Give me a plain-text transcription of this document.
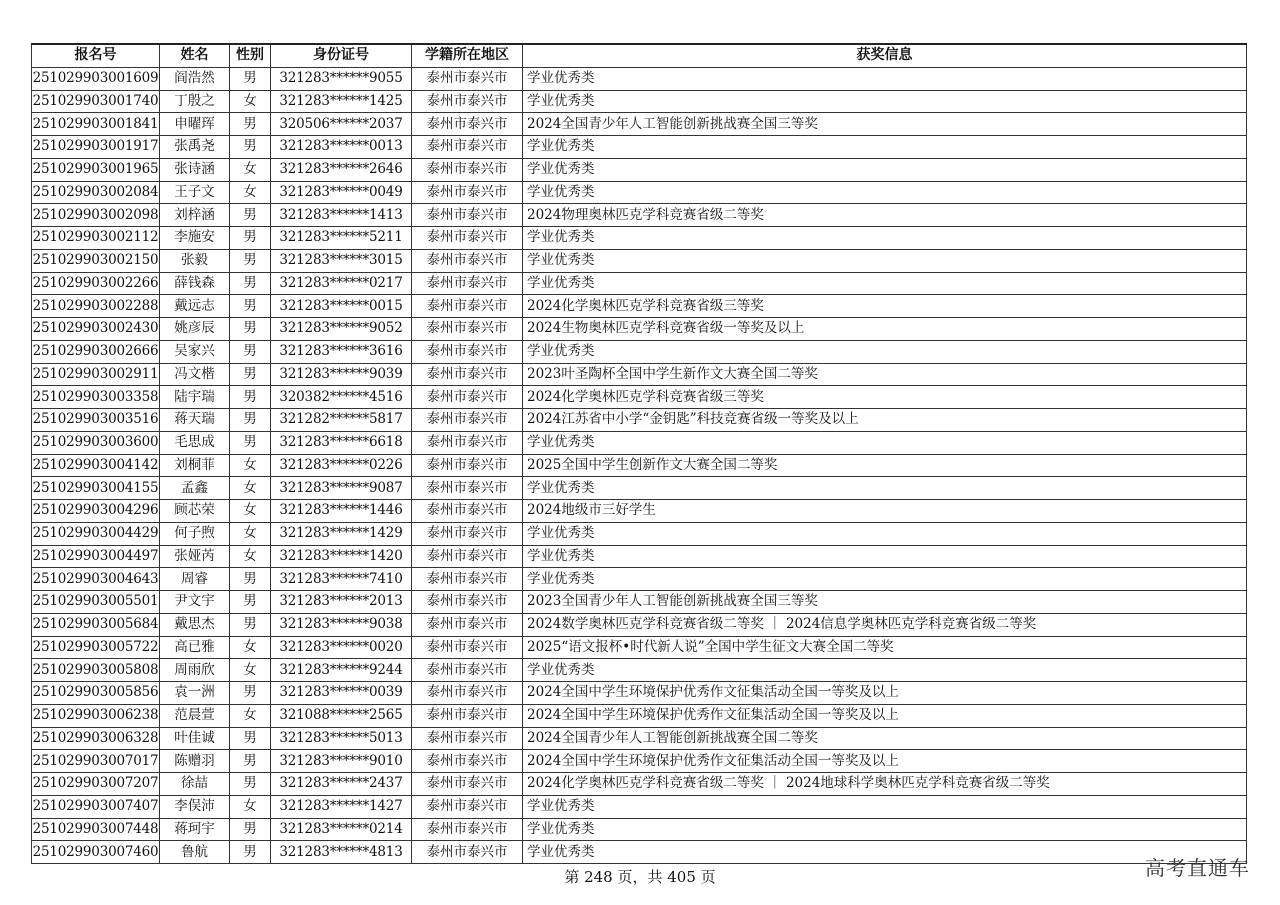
报名号	姓名	性别	身份证号	学籍所在地区	获奖信息
251029903001609	阎浩然	男	321283******9055	泰州市泰兴市	学业优秀类
251029903001740	丁殷之	女	321283******1425	泰州市泰兴市	学业优秀类
251029903001841	申曜珲	男	320506******2037	泰州市泰兴市	2024全国青少年人工智能创新挑战赛全国三等奖
251029903001917	张禹尧	男	321283******0013	泰州市泰兴市	学业优秀类
251029903001965	张诗涵	女	321283******2646	泰州市泰兴市	学业优秀类
251029903002084	王子文	女	321283******0049	泰州市泰兴市	学业优秀类
251029903002098	刘梓涵	男	321283******1413	泰州市泰兴市	2024物理奥林匹克学科竞赛省级二等奖
251029903002112	李施安	男	321283******5211	泰州市泰兴市	学业优秀类
251029903002150	张毅	男	321283******3015	泰州市泰兴市	学业优秀类
251029903002266	薛钱森	男	321283******0217	泰州市泰兴市	学业优秀类
251029903002288	戴远志	男	321283******0015	泰州市泰兴市	2024化学奥林匹克学科竞赛省级三等奖
251029903002430	姚彦辰	男	321283******9052	泰州市泰兴市	2024生物奥林匹克学科竞赛省级一等奖及以上
251029903002666	吴家兴	男	321283******3616	泰州市泰兴市	学业优秀类
251029903002911	冯文楷	男	321283******9039	泰州市泰兴市	2023叶圣陶杯全国中学生新作文大赛全国二等奖
251029903003358	陆宇瑞	男	320382******4516	泰州市泰兴市	2024化学奥林匹克学科竞赛省级三等奖
251029903003516	蒋天瑞	男	321282******5817	泰州市泰兴市	2024江苏省中小学“金钥匙”科技竞赛省级一等奖及以上
251029903003600	毛思成	男	321283******6618	泰州市泰兴市	学业优秀类
251029903004142	刘桐菲	女	321283******0226	泰州市泰兴市	2025全国中学生创新作文大赛全国二等奖
251029903004155	孟鑫	女	321283******9087	泰州市泰兴市	学业优秀类
251029903004296	顾芯荣	女	321283******1446	泰州市泰兴市	2024地级市三好学生
251029903004429	何子煦	女	321283******1429	泰州市泰兴市	学业优秀类
251029903004497	张娅芮	女	321283******1420	泰州市泰兴市	学业优秀类
251029903004643	周睿	男	321283******7410	泰州市泰兴市	学业优秀类
251029903005501	尹文宇	男	321283******2013	泰州市泰兴市	2023全国青少年人工智能创新挑战赛全国三等奖
251029903005684	戴思杰	男	321283******9038	泰州市泰兴市	2024数学奥林匹克学科竞赛省级二等奖 ｜ 2024信息学奥林匹克学科竞赛省级二等奖
251029903005722	高已雅	女	321283******0020	泰州市泰兴市	2025“语文报杯•时代新人说”全国中学生征文大赛全国二等奖
251029903005808	周雨欣	女	321283******9244	泰州市泰兴市	学业优秀类
251029903005856	袁一洲	男	321283******0039	泰州市泰兴市	2024全国中学生环境保护优秀作文征集活动全国一等奖及以上
251029903006238	范晨萱	女	321088******2565	泰州市泰兴市	2024全国中学生环境保护优秀作文征集活动全国一等奖及以上
251029903006328	叶佳诚	男	321283******5013	泰州市泰兴市	2024全国青少年人工智能创新挑战赛全国二等奖
251029903007017	陈赠羽	男	321283******9010	泰州市泰兴市	2024全国中学生环境保护优秀作文征集活动全国一等奖及以上
251029903007207	徐喆	男	321283******2437	泰州市泰兴市	2024化学奥林匹克学科竞赛省级二等奖 ｜ 2024地球科学奥林匹克学科竞赛省级二等奖
251029903007407	李俣沛	女	321283******1427	泰州市泰兴市	学业优秀类
251029903007448	蒋珂宇	男	321283******0214	泰州市泰兴市	学业优秀类
251029903007460	鲁航	男	321283******4813	泰州市泰兴市	学业优秀类
第 248 页，共 405 页	高考直通车
